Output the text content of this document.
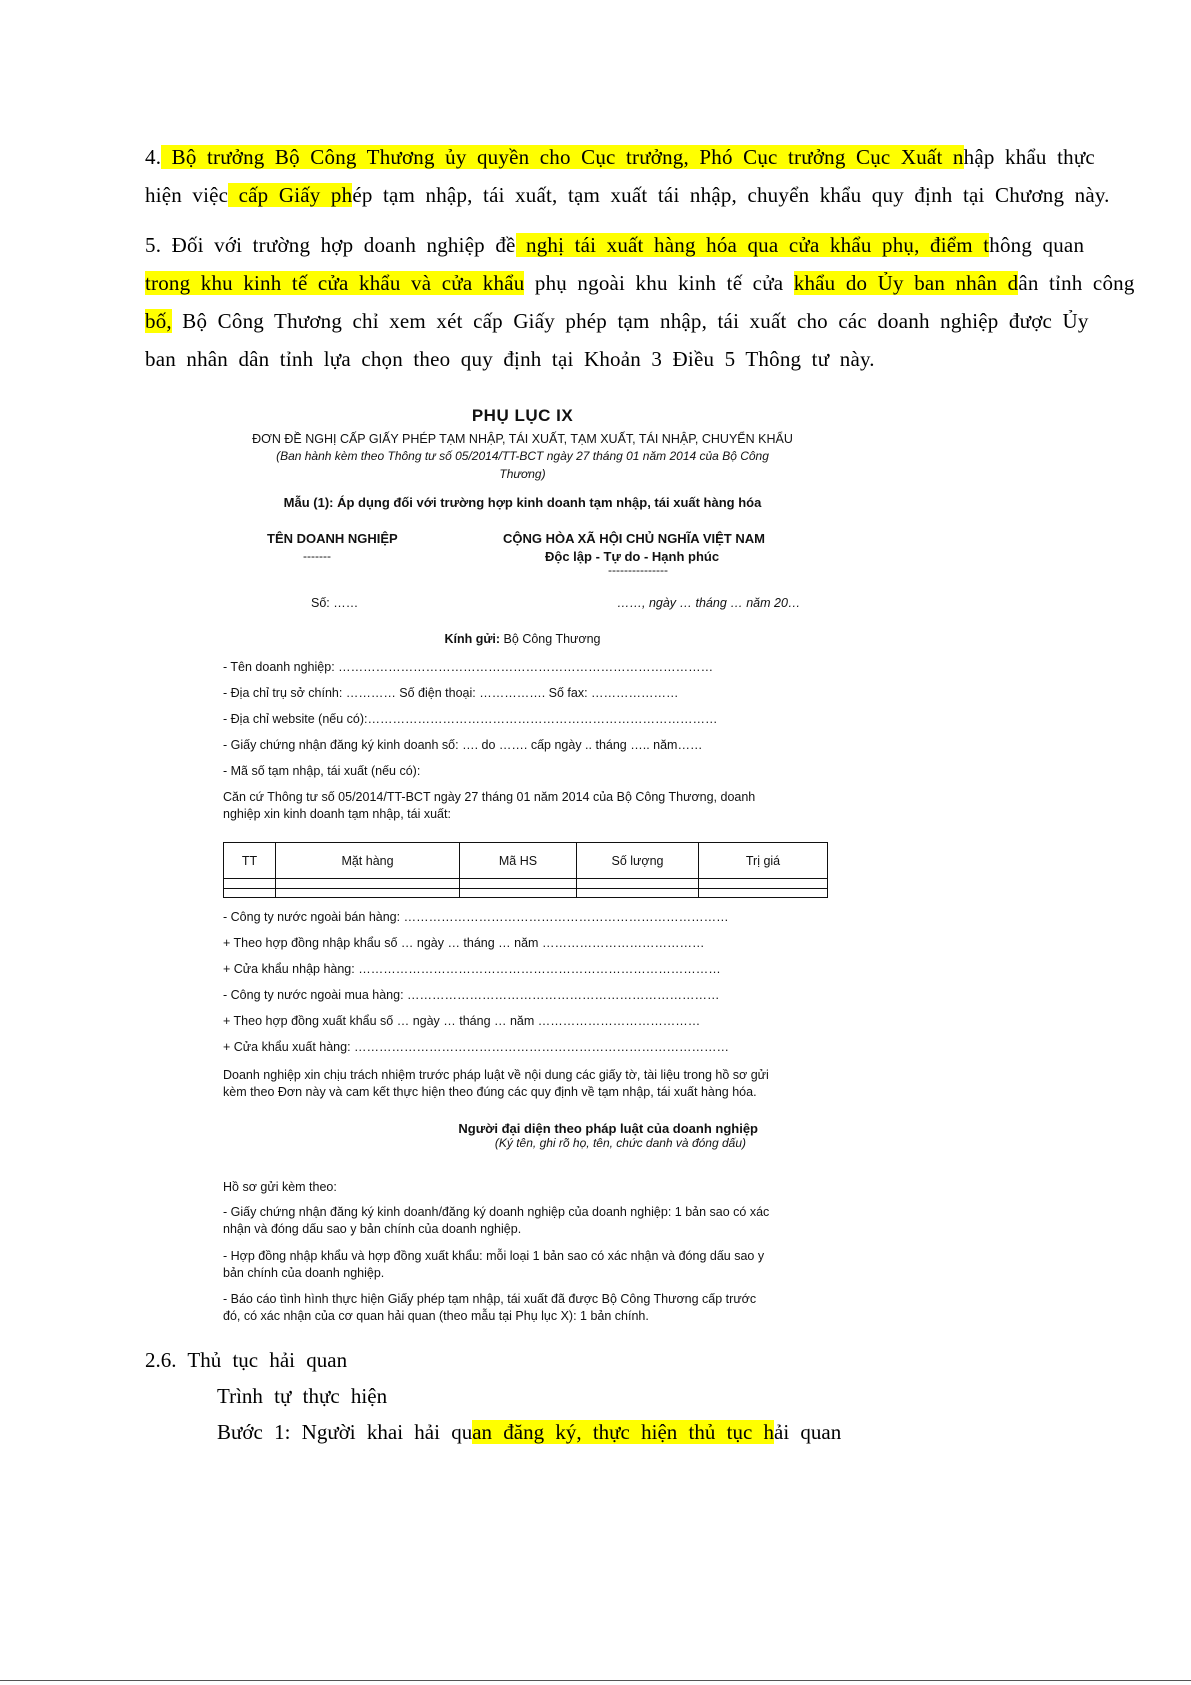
4. Bộ trưởng Bộ Công Thương ủy quyền cho Cục trưởng, Phó Cục trưởng Cục Xuất nhập khẩu thực
hiện việc cấp Giấy phép tạm nhập, tái xuất, tạm xuất tái nhập, chuyển khẩu quy định tại Chương này.
5. Đối với trường hợp doanh nghiệp đề nghị tái xuất hàng hóa qua cửa khẩu phụ, điểm thông quan
trong khu kinh tế cửa khẩu và cửa khẩu phụ ngoài khu kinh tế cửa khẩu do Ủy ban nhân dân tỉnh công
bố, Bộ Công Thương chỉ xem xét cấp Giấy phép tạm nhập, tái xuất cho các doanh nghiệp được Ủy
ban nhân dân tỉnh lựa chọn theo quy định tại Khoản 3 Điều 5 Thông tư này.
PHỤ LỤC IX
ĐƠN ĐỀ NGHỊ CẤP GIẤY PHÉP TẠM NHẬP, TÁI XUẤT, TẠM XUẤT, TÁI NHẬP, CHUYỂN KHẨU
(Ban hành kèm theo Thông tư số 05/2014/TT-BCT ngày 27 tháng 01 năm 2014 của Bộ Công
Thương)
Mẫu (1): Áp dụng đối với trường hợp kinh doanh tạm nhập, tái xuất hàng hóa
TÊN DOANH NGHIỆP
-------
CỘNG HÒA XÃ HỘI CHỦ NGHĨA VIỆT NAM
Độc lập - Tự do - Hạnh phúc
---------------
Số: ……	……, ngày … tháng … năm 20…
Kính gửi: Bộ Công Thương
- Tên doanh nghiệp: ………………………………………………………………………………
- Địa chỉ trụ sở chính: ………… Số điện thoại: ……………. Số fax: …………………
- Địa chỉ website (nếu có):…………………………………………………………………………
- Giấy chứng nhận đăng ký kinh doanh số: …. do ……. cấp ngày .. tháng ….. năm……
- Mã số tạm nhập, tái xuất (nếu có):
Căn cứ Thông tư số 05/2014/TT-BCT ngày 27 tháng 01 năm 2014 của Bộ Công Thương, doanh
nghiệp xin kinh doanh tạm nhập, tái xuất:
TT	Mặt hàng	Mã HS	Số lượng	Trị giá

- Công ty nước ngoài bán hàng: ……………………………………………………………………
+ Theo hợp đồng nhập khẩu số … ngày … tháng … năm …………………………………
+ Cửa khẩu nhập hàng: ……………………………………………………………………………
- Công ty nước ngoài mua hàng: …………………………………………………………………
+ Theo hợp đồng xuất khẩu số … ngày … tháng … năm …………………………………
+ Cửa khẩu xuất hàng: ………………………………………………………………………………
Doanh nghiệp xin chịu trách nhiệm trước pháp luật về nội dung các giấy tờ, tài liệu trong hồ sơ gửi
kèm theo Đơn này và cam kết thực hiện theo đúng các quy định về tạm nhập, tái xuất hàng hóa.
Người đại diện theo pháp luật của doanh nghiệp
(Ký tên, ghi rõ họ, tên, chức danh và đóng dấu)
Hồ sơ gửi kèm theo:
- Giấy chứng nhận đăng ký kinh doanh/đăng ký doanh nghiệp của doanh nghiệp: 1 bản sao có xác
nhận và đóng dấu sao y bản chính của doanh nghiệp.
- Hợp đồng nhập khẩu và hợp đồng xuất khẩu: mỗi loại 1 bản sao có xác nhận và đóng dấu sao y
bản chính của doanh nghiệp.
- Báo cáo tình hình thực hiện Giấy phép tạm nhập, tái xuất đã được Bộ Công Thương cấp trước
đó, có xác nhận của cơ quan hải quan (theo mẫu tại Phụ lục X): 1 bản chính.

2.6. Thủ tục hải quan

Trình tự thực hiện

Bước 1: Người khai hải quan đăng ký, thực hiện thủ tục hải quan
